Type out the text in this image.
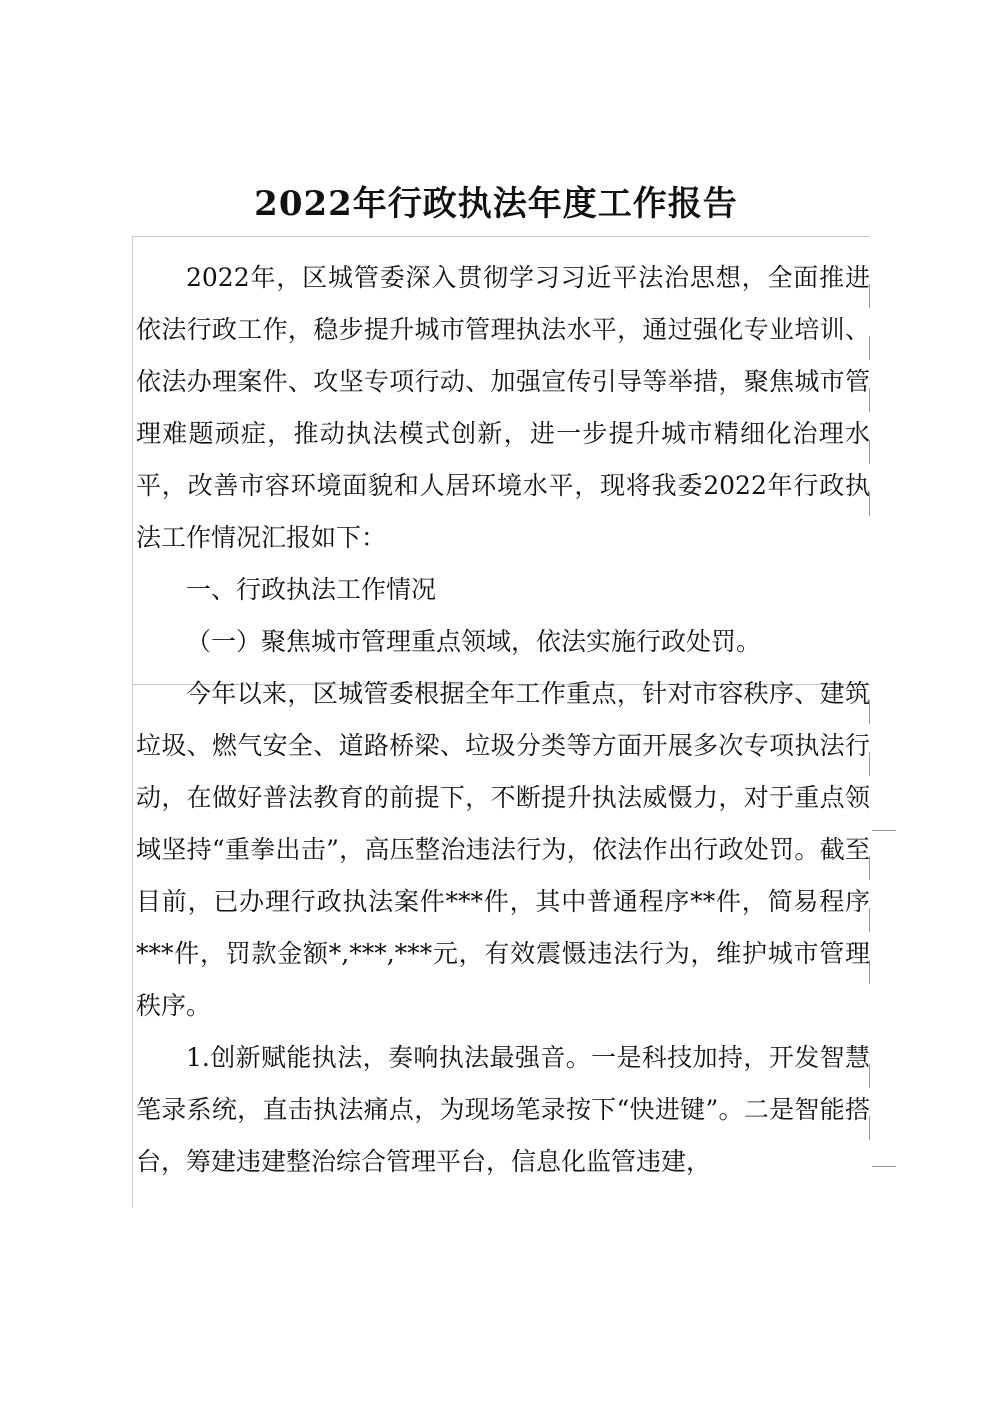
2022年行政执法年度工作报告

2022年，区城管委深入贯彻学习习近平法治思想，全面推进依法行政工作，稳步提升城市管理执法水平，通过强化专业培训、依法办理案件、攻坚专项行动、加强宣传引导等举措，聚焦城市管理难题顽症，推动执法模式创新，进一步提升城市精细化治理水平，改善市容环境面貌和人居环境水平，现将我委2022年行政执法工作情况汇报如下：

一、行政执法工作情况

（一）聚焦城市管理重点领域，依法实施行政处罚。

今年以来，区城管委根据全年工作重点，针对市容秩序、建筑垃圾、燃气安全、道路桥梁、垃圾分类等方面开展多次专项执法行动，在做好普法教育的前提下，不断提升执法威慑力，对于重点领域坚持“重拳出击”，高压整治违法行为，依法作出行政处罚。截至目前，已办理行政执法案件***件，其中普通程序**件，简易程序***件，罚款金额*,***,***元，有效震慑违法行为，维护城市管理秩序。

1.创新赋能执法，奏响执法最强音。一是科技加持，开发智慧笔录系统，直击执法痛点，为现场笔录按下“快进键”。二是智能搭台，筹建违建整治综合管理平台，信息化监管违建，
